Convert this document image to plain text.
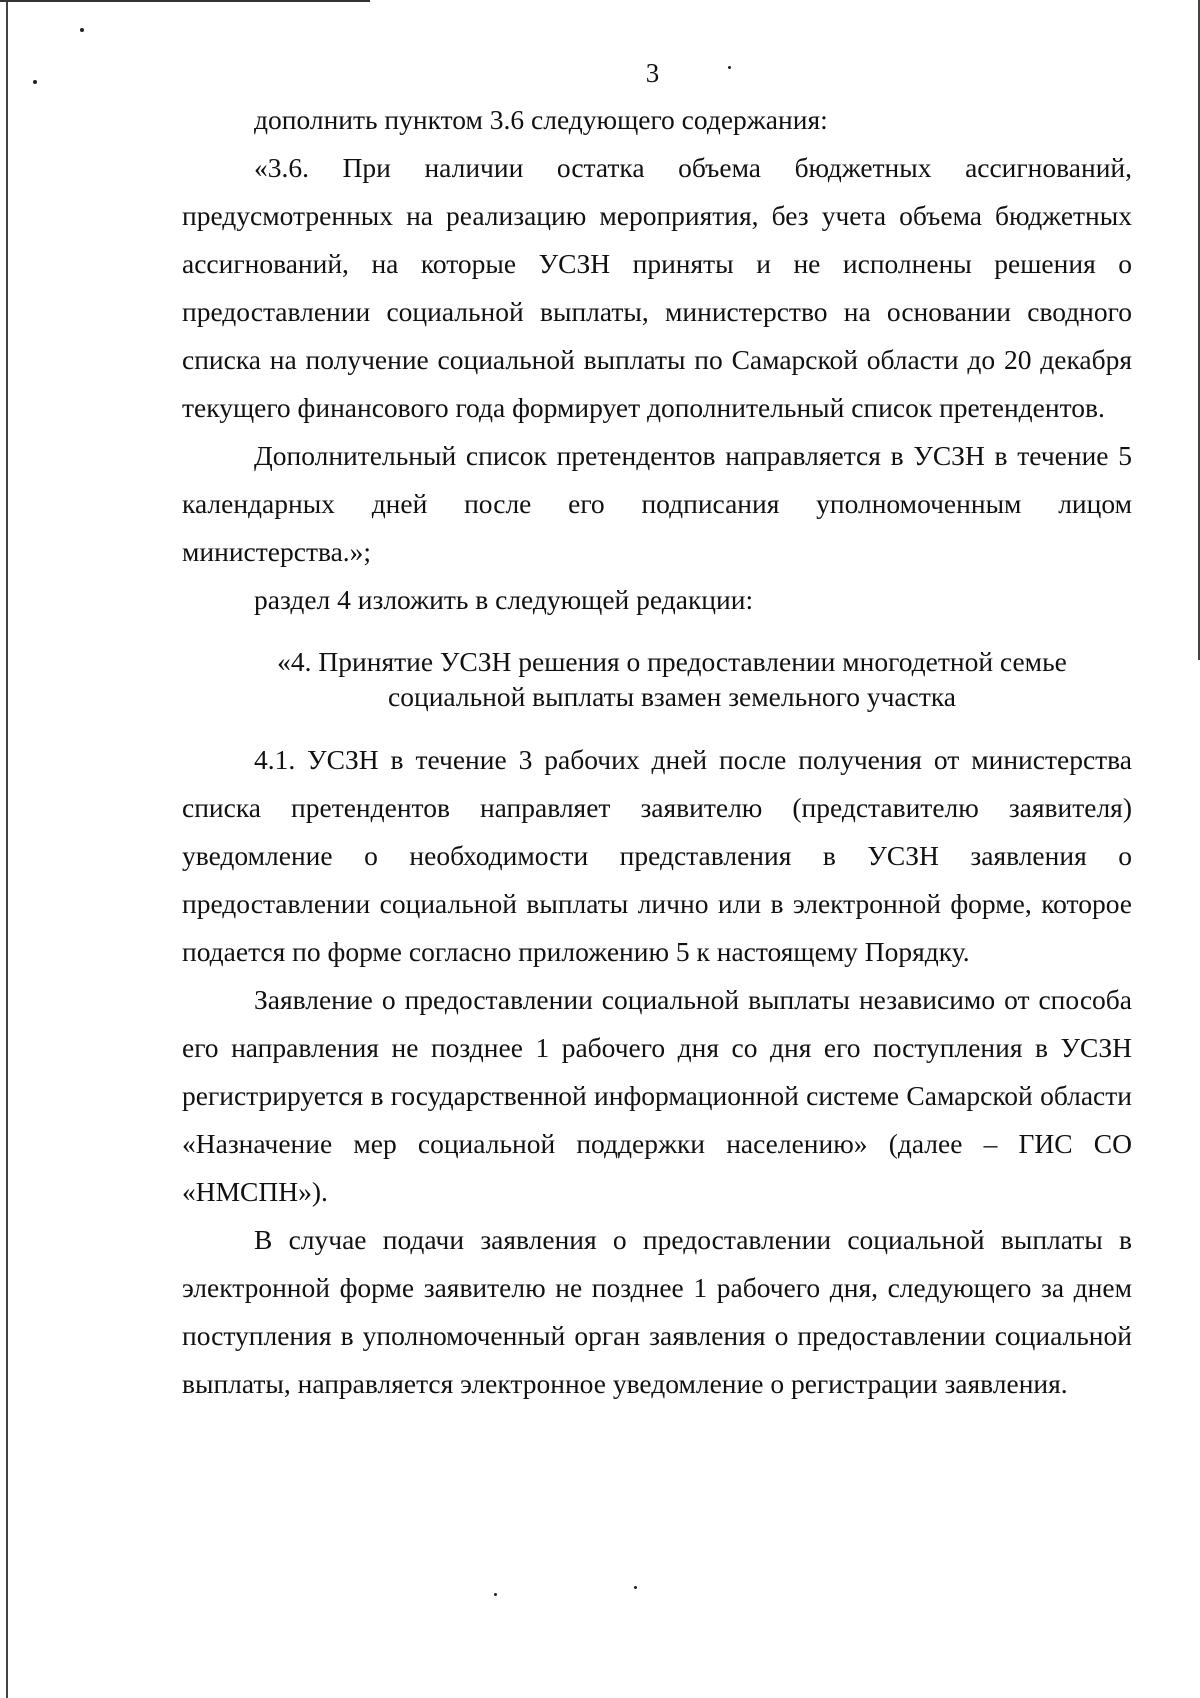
3

дополнить пунктом 3.6 следующего содержания:

«3.6. При наличии остатка объема бюджетных ассигнований, предусмотренных на реализацию мероприятия, без учета объема бюджетных ассигнований, на которые УСЗН приняты и не исполнены решения о предоставлении социальной выплаты, министерство на основании сводного списка на получение социальной выплаты по Самарской области до 20 декабря текущего финансового года формирует дополнительный список претендентов.

Дополнительный список претендентов направляется в УСЗН в течение 5 календарных дней после его подписания уполномоченным лицом министерства.»;

раздел 4 изложить в следующей редакции:

«4. Принятие УСЗН решения о предоставлении многодетной семье
социальной выплаты взамен земельного участка

4.1. УСЗН в течение 3 рабочих дней после получения от министерства списка претендентов направляет заявителю (представителю заявителя) уведомление о необходимости представления в УСЗН заявления о предоставлении социальной выплаты лично или в электронной форме, которое подается по форме согласно приложению 5 к настоящему Порядку.

Заявление о предоставлении социальной выплаты независимо от способа его направления не позднее 1 рабочего дня со дня его поступления в УСЗН регистрируется в государственной информационной системе Самарской области «Назначение мер социальной поддержки населению» (далее – ГИС СО «НМСПН»).

В случае подачи заявления о предоставлении социальной выплаты в электронной форме заявителю не позднее 1 рабочего дня, следующего за днем поступления в уполномоченный орган заявления о предоставлении социальной выплаты, направляется электронное уведомление о регистрации заявления.
